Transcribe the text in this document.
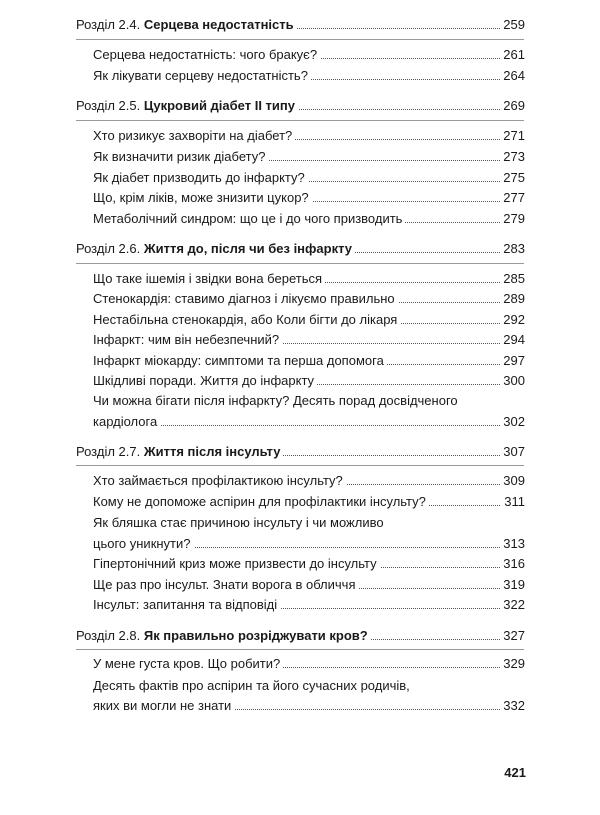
Розділ 2.4. Серцева недостатність	259
Серцева недостатність: чого бракує?	261
Як лікувати серцеву недостатність?	264
Розділ 2.5. Цукровий діабет ІІ типу	269
Хто ризикує захворіти на діабет?	271
Як визначити ризик діабету?	273
Як діабет призводить до інфаркту?	275
Що, крім ліків, може знизити цукор?	277
Метаболічний синдром: що це і до чого призводить	279
Розділ 2.6. Життя до, після чи без інфаркту	283
Що таке ішемія і звідки вона береться	285
Стенокардія: ставимо діагноз і лікуємо правильно	289
Нестабільна стенокардія, або Коли бігти до лікаря	292
Інфаркт: чим він небезпечний?	294
Інфаркт міокарду: симптоми та перша допомога	297
Шкідливі поради. Життя до інфаркту	300
Чи можна бігати після інфаркту? Десять порад досвідченого
кардіолога	302
Розділ 2.7. Життя після інсульту	307
Хто займається профілактикою інсульту?	309
Кому не допоможе аспірин для профілактики інсульту?	311
Як бляшка стає причиною інсульту і чи можливо
цього уникнути?	313
Гіпертонічний криз може призвести до інсульту	316
Ще раз про інсульт. Знати ворога в обличчя	319
Інсульт: запитання та відповіді	322
Розділ 2.8. Як правильно розріджувати кров?	327
У мене густа кров. Що робити?	329
Десять фактів про аспірин та його сучасних родичів,
яких ви могли не знати	332
421
